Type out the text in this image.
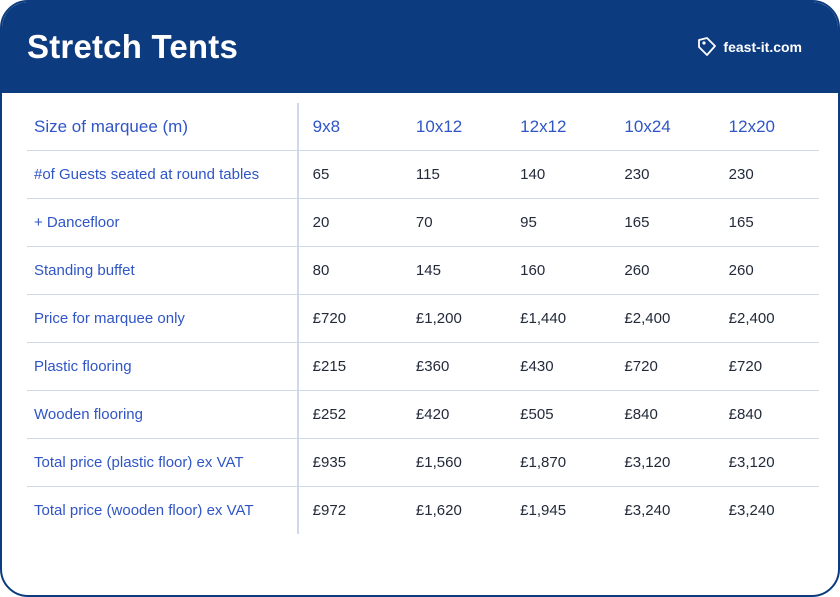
Stretch Tents	feast-it.com
Size of marquee (m)	9x8	10x12	12x12	10x24	12x20
#of Guests seated at round tables	65	115	140	230	230
+ Dancefloor	20	70	95	165	165
Standing buffet	80	145	160	260	260
Price for marquee only	£720	£1,200	£1,440	£2,400	£2,400
Plastic flooring	£215	£360	£430	£720	£720
Wooden flooring	£252	£420	£505	£840	£840
Total price (plastic floor) ex VAT	£935	£1,560	£1,870	£3,120	£3,120
Total price (wooden floor) ex VAT	£972	£1,620	£1,945	£3,240	£3,240
